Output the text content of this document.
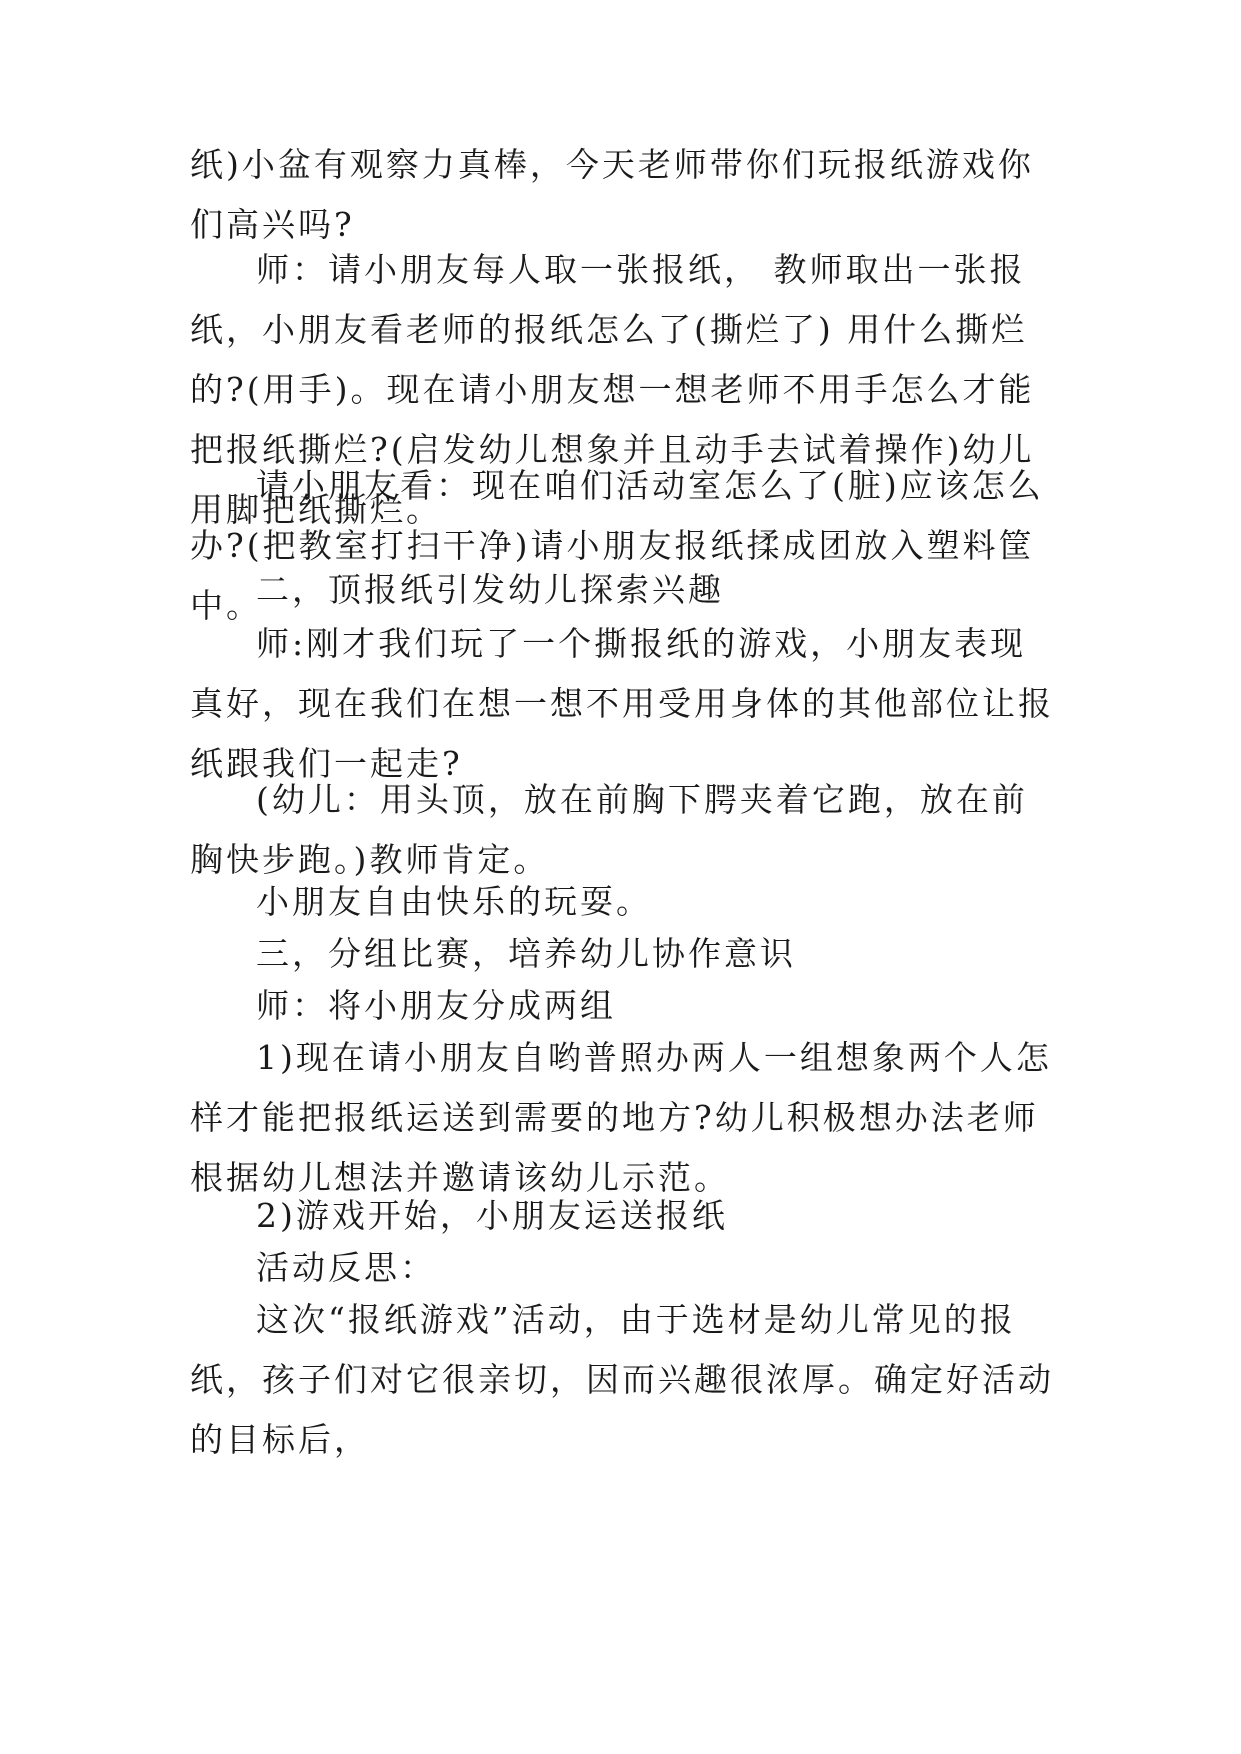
纸)小盆有观察力真棒，今天老师带你们玩报纸游戏你们高兴吗?

师：请小朋友每人取一张报纸， 教师取出一张报纸，小朋友看老师的报纸怎么了(撕烂了) 用什么撕烂的?(用手)。现在请小朋友想一想老师不用手怎么才能把报纸撕烂?(启发幼儿想象并且动手去试着操作)幼儿用脚把纸撕烂。

请小朋友看：现在咱们活动室怎么了(脏)应该怎么办?(把教室打扫干净)请小朋友报纸揉成团放入塑料筐中。

二，顶报纸引发幼儿探索兴趣

师:刚才我们玩了一个撕报纸的游戏，小朋友表现真好，现在我们在想一想不用受用身体的其他部位让报纸跟我们一起走?

(幼儿：用头顶，放在前胸下腭夹着它跑，放在前胸快步跑。)教师肯定。

小朋友自由快乐的玩耍。

三，分组比赛，培养幼儿协作意识

师：将小朋友分成两组

1)现在请小朋友自哟普照办两人一组想象两个人怎样才能把报纸运送到需要的地方?幼儿积极想办法老师根据幼儿想法并邀请该幼儿示范。

2)游戏开始，小朋友运送报纸

活动反思：

这次“报纸游戏”活动，由于选材是幼儿常见的报纸，孩子们对它很亲切，因而兴趣很浓厚。确定好活动的目标后，
